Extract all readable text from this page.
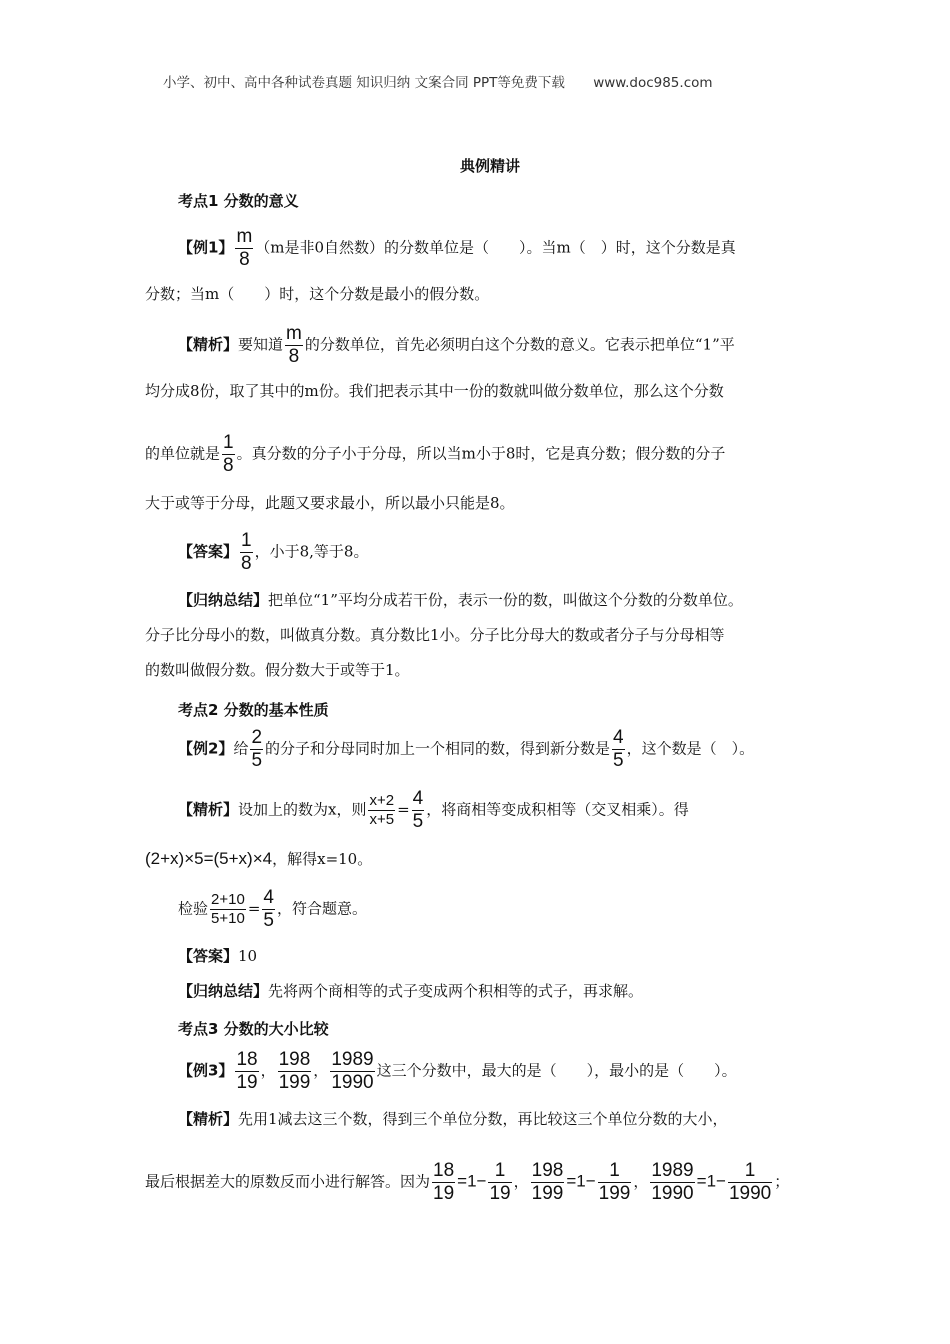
小学、初中、高中各种试卷真题 知识归纳 文案合同 PPT等免费下载 www.doc985.com
典例精讲
考点1 分数的意义
【例1】 $\frac{m}{8} (m$是非0自然数）的分数单位是（　　）。当m（　）时，这个分数是真
分数；当m（　　）时，这个分数是最小的假分数。
【精析】要知道 $\frac{m}{8}$ 的分数单位，首先必须明白这个分数的意义。它表示把单位“1”平
均分成8份，取了其中的m份。我们把表示其中一份的数就叫做分数单位，那么这个分数
的单位就是 $\frac{1}{8}$ 。真分数的分子小于分母，所以当m小于8时，它是真分数；假分数的分子
大于或等于分母，此题又要求最小，所以最小只能是8。
【答案】 $\frac{1}{8}$ ，小于8,等于8。
【归纳总结】把单位“1”平均分成若干份，表示一份的数，叫做这个分数的分数单位。
分子比分母小的数，叫做真分数。真分数比1小。分子比分母大的数或者分子与分母相等
的数叫做假分数。假分数大于或等于1。
考点2 分数的基本性质
【例2】给 $\frac{2}{5}$ 的分子和分母同时加上一个相同的数，得到新分数是 $\frac{4}{5}$ ，这个数是（　）。
【精析】设加上的数为x，则 $\frac{x+2}{x+5} = \frac{4}{5}$ ，将商相等变成积相等（交叉相乘）。得
(2+x)×5=(5+x)×4，解得x=10。
检验 $\frac{2+10}{5+10} = \frac{4}{5}$ ，符合题意。
【答案】10
【归纳总结】先将两个商相等的式子变成两个积相等的式子，再求解。
考点3 分数的大小比较
【例3】 $\frac{18}{19}$ ， $\frac{198}{199}$ ， $\frac{1989}{1990}$ 这三个分数中，最大的是（　　），最小的是（　　）。
【精析】先用1减去这三个数，得到三个单位分数，再比较这三个单位分数的大小，
最后根据差大的原数反而小进行解答。因为 $\frac{18}{19} =1- \frac{1}{19}$ ， $\frac{198}{199} =1- \frac{1}{199}$ ， $\frac{1989}{1990} =1- \frac{1}{1990}$ ；
